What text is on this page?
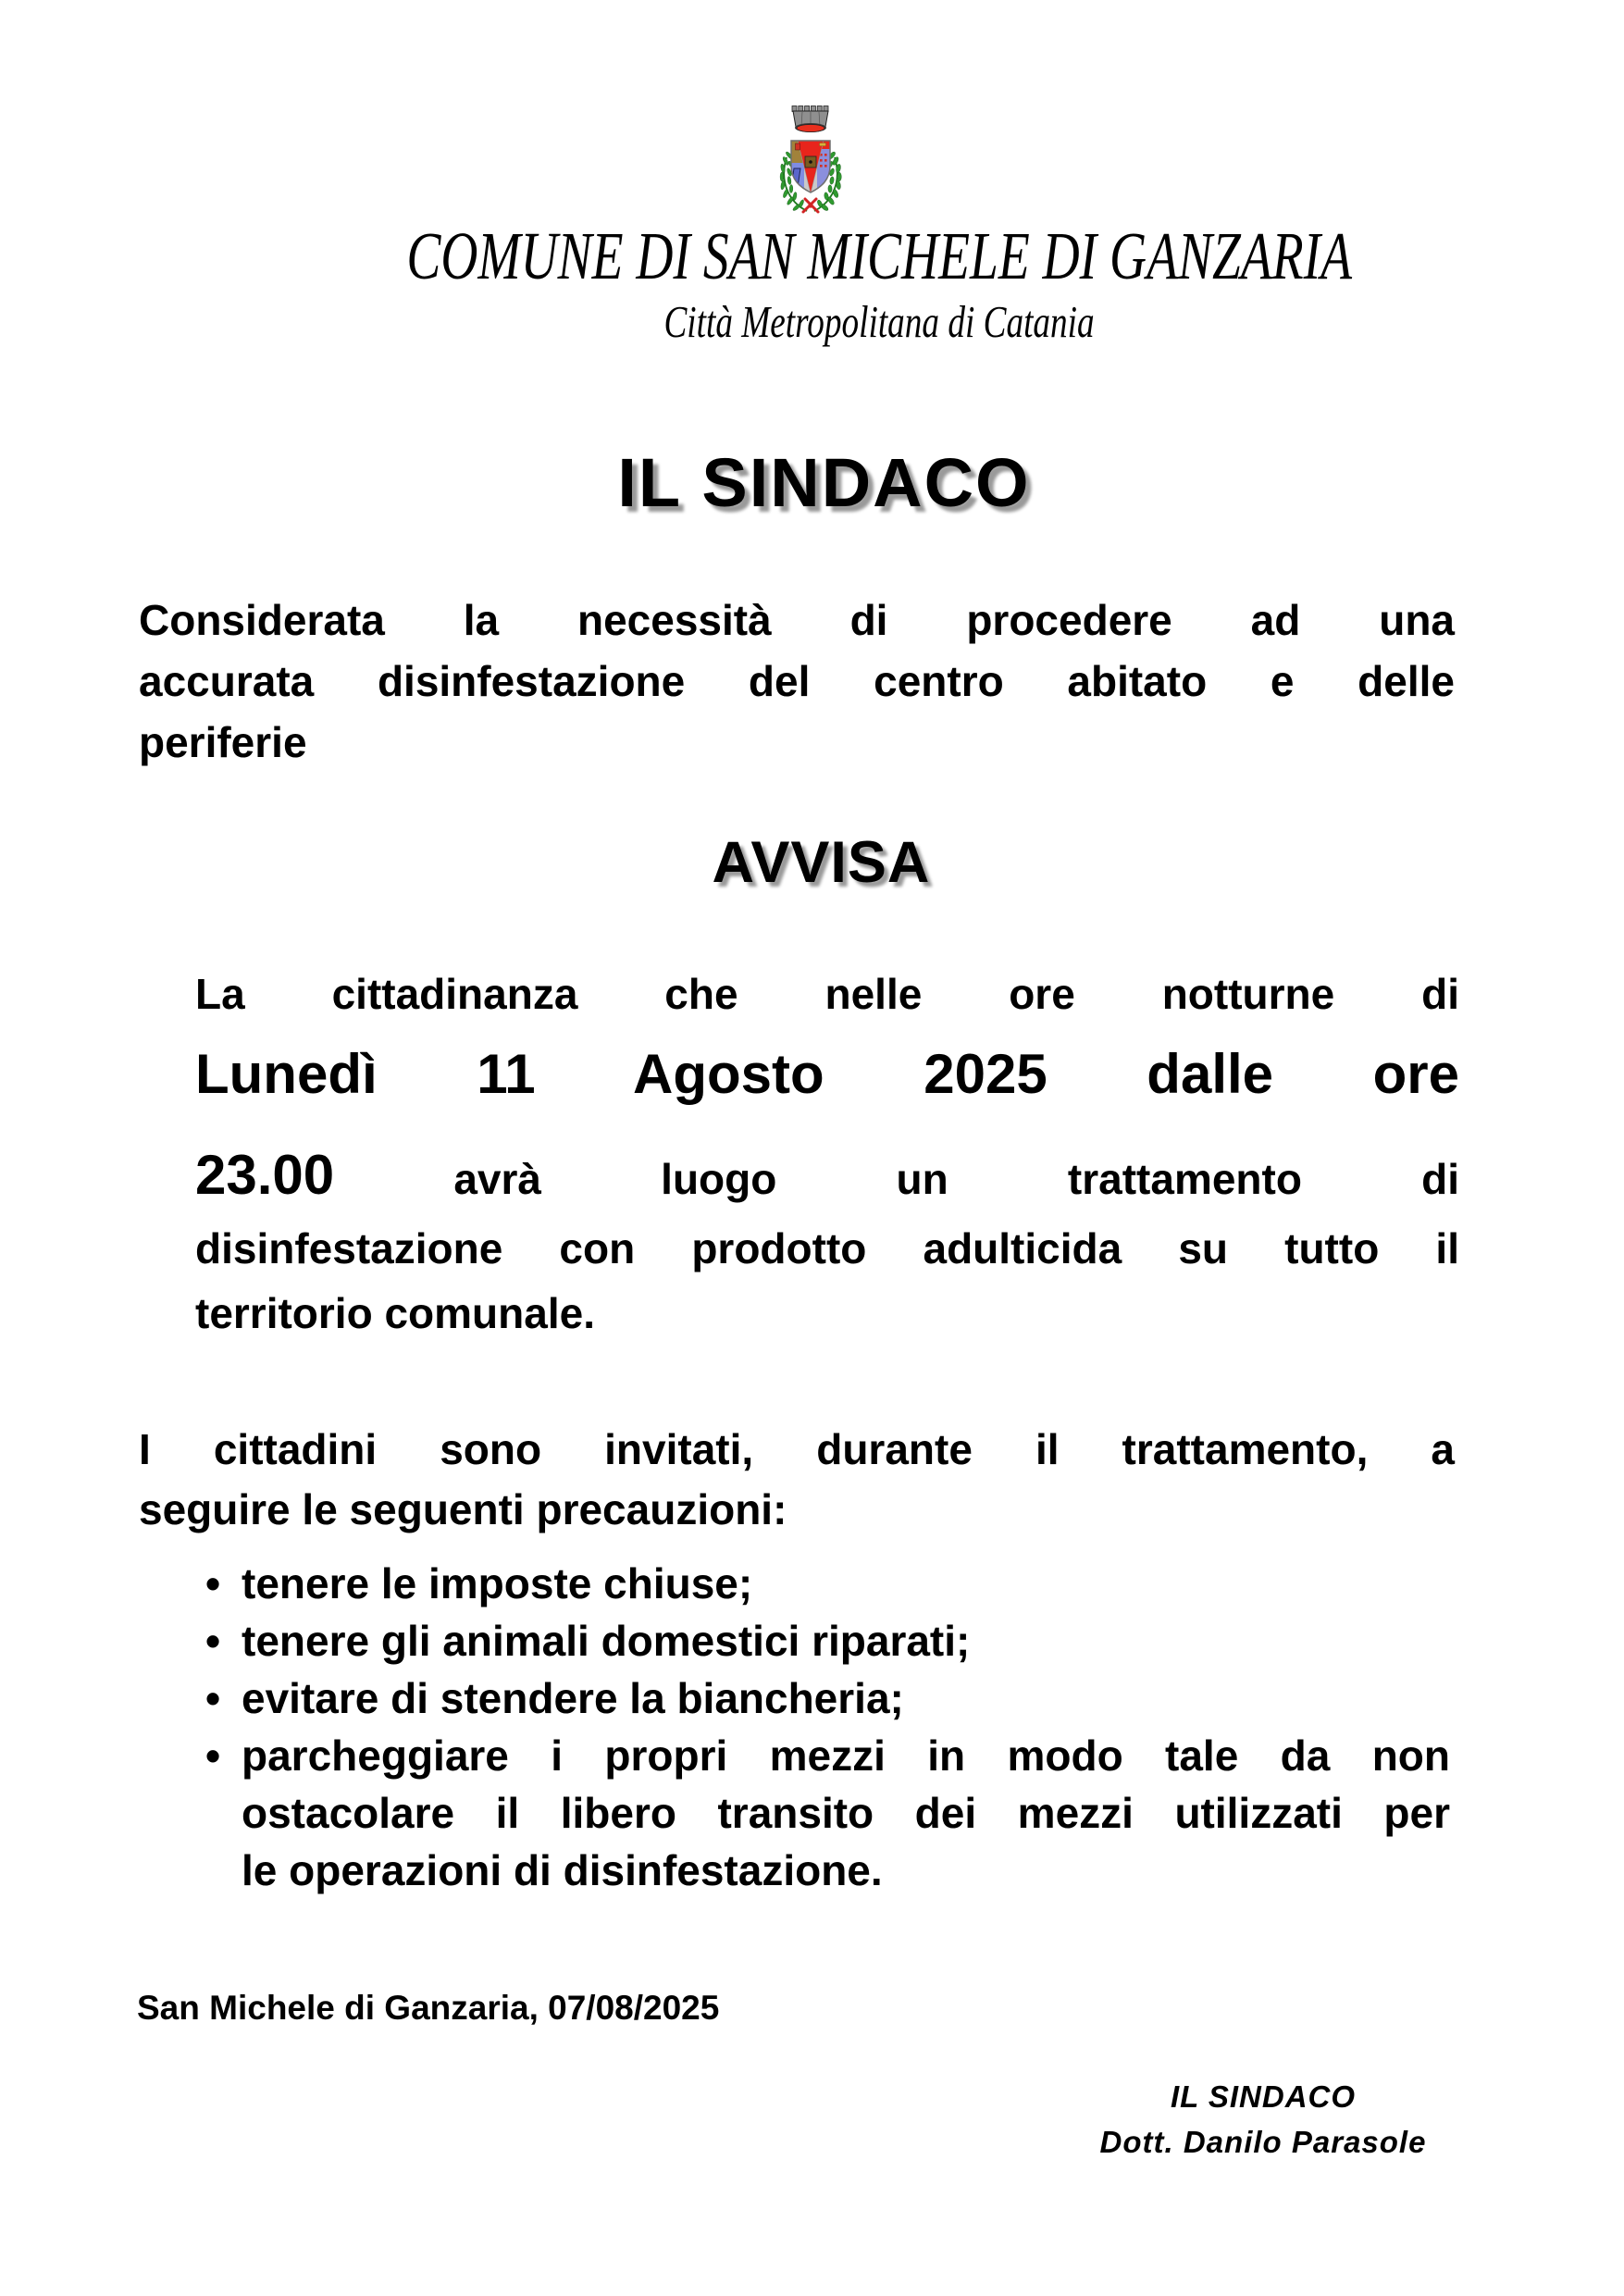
COMUNE DI SAN MICHELE DI GANZARIA
Città Metropolitana di Catania
IL SINDACO
Considerata la necessità di procedere ad una
accurata disinfestazione del centro abitato e delle
periferie
AVVISA
La cittadinanza che nelle ore notturne di
Lunedì 11 Agosto 2025 dalle ore
23.00	avrà luogo un trattamento di
disinfestazione con prodotto adulticida su tutto il
territorio comunale.
I cittadini sono invitati, durante il trattamento, a
seguire le seguenti precauzioni:
• tenere le imposte chiuse;
• tenere gli animali domestici riparati;
• evitare di stendere la biancheria;
• parcheggiare i propri mezzi in modo tale da non
ostacolare il libero transito dei mezzi utilizzati per
le operazioni di disinfestazione.
San Michele di Ganzaria, 07/08/2025
IL SINDACO
Dott. Danilo Parasole
